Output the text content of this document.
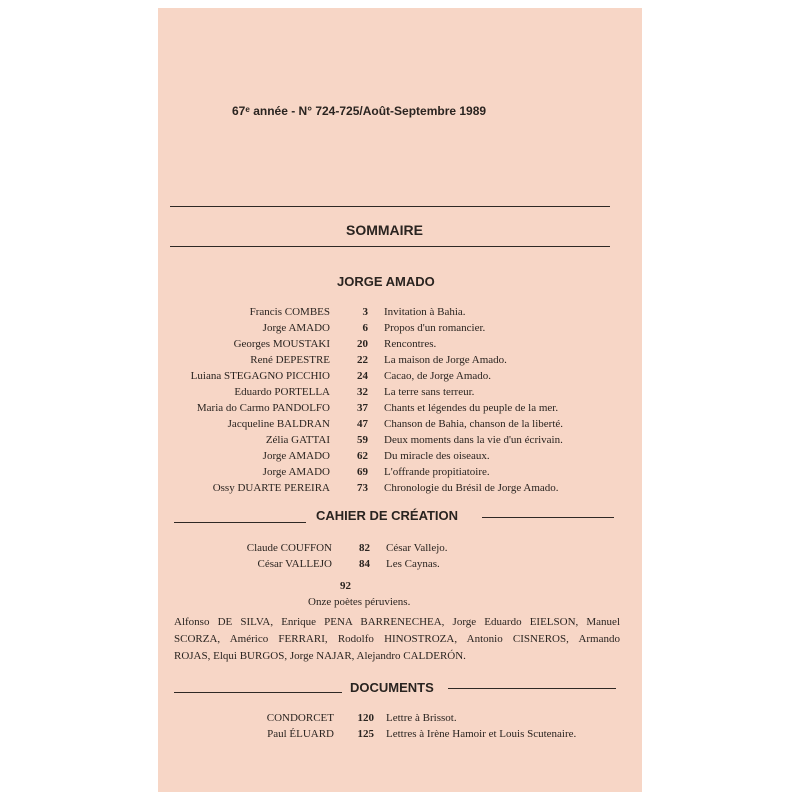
67ᵉ année - N° 724-725/Août-Septembre 1989
SOMMAIRE
JORGE AMADO
Francis COMBES	3 Invitation à Bahia.
Jorge AMADO	6 Propos d'un romancier.
Georges MOUSTAKI	20 Rencontres.
René DEPESTRE	22 La maison de Jorge Amado.
Luiana STEGAGNO PICCHIO	24 Cacao, de Jorge Amado.
Eduardo PORTELLA	32 La terre sans terreur.
Maria do Carmo PANDOLFO	37 Chants et légendes du peuple de la mer.
Jacqueline BALDRAN	47 Chanson de Bahia, chanson de la liberté.
Zélia GATTAI	59 Deux moments dans la vie d'un écrivain.
Jorge AMADO	62 Du miracle des oiseaux.
Jorge AMADO	69 L'offrande propitiatoire.
Ossy DUARTE PEREIRA	73 Chronologie du Brésil de Jorge Amado.
CAHIER DE CRÉATION
Claude COUFFON	82 César Vallejo.
César VALLEJO	84 Les Caynas.
92
Onze poètes péruviens.
Alfonso DE SILVA, Enrique PENA BARRENECHEA, Jorge Eduardo EIELSON, Manuel
SCORZA, Américo FERRARI, Rodolfo HINOSTROZA, Antonio CISNEROS, Armando
ROJAS, Elqui BURGOS, Jorge NAJAR, Alejandro CALDERÓN.
DOCUMENTS
CONDORCET	120 Lettre à Brissot.
Paul ÉLUARD	125 Lettres à Irène Hamoir et Louis Scutenaire.
